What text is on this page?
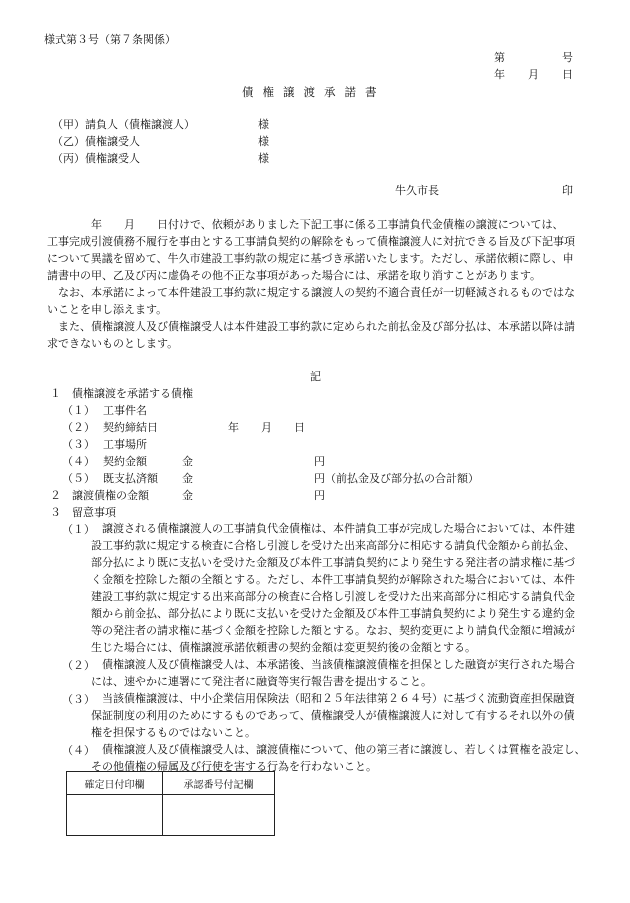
様式第３号（第７条関係）
第	号
年 月 日
債 権 譲 渡 承 諾 書
（甲）請負人（債権譲渡人）	様
（乙）債権譲受人	様
（丙）債権譲受人	様
牛久市長	印
　　　　年　　月　　日付けで、依頼がありました下記工事に係る工事請負代金債権の譲渡については、
工事完成引渡債務不履行を事由とする工事請負契約の解除をもって債権譲渡人に対抗できる旨及び下記事項
について異議を留めて、牛久市建設工事約款の規定に基づき承諾いたします。ただし、承諾依頼に際し、申
請書中の甲、乙及び丙に虚偽その他不正な事項があった場合には、承諾を取り消すことがあります。
　なお、本承諾によって本件建設工事約款に規定する譲渡人の契約不適合責任が一切軽減されるものではな
いことを申し添えます。
　また、債権譲渡人及び債権譲受人は本件建設工事約款に定められた前払金及び部分払は、本承諾以降は請
求できないものとします。
記
１　債権譲渡を承諾する債権
（１） 工事件名
（２） 契約締結日	年　　月　　日
（３） 工事場所
（４） 契約金額	金	円
（５） 既支払済額 金	円（前払金及び部分払の合計額）
２　譲渡債権の金額	金	円
３　留意事項
（１） 譲渡される債権譲渡人の工事請負代金債権は、本件請負工事が完成した場合においては、本件建
設工事約款に規定する検査に合格し引渡しを受けた出来高部分に相応する請負代金額から前払金、
部分払により既に支払いを受けた金額及び本件工事請負契約により発生する発注者の請求権に基づ
く金額を控除した額の全額とする。ただし、本件工事請負契約が解除された場合においては、本件
建設工事約款に規定する出来高部分の検査に合格し引渡しを受けた出来高部分に相応する請負代金
額から前金払、部分払により既に支払いを受けた金額及び本件工事請負契約により発生する違約金
等の発注者の請求権に基づく金額を控除した額とする。なお、契約変更により請負代金額に増減が
生じた場合には、債権譲渡承諾依頼書の契約金額は変更契約後の金額とする。
（２） 債権譲渡人及び債権譲受人は、本承諾後、当該債権譲渡債権を担保とした融資が実行された場合
には、速やかに連署にて発注者に融資等実行報告書を提出すること。
（３） 当該債権譲渡は、中小企業信用保険法（昭和２５年法律第２６４号）に基づく流動資産担保融資
保証制度の利用のためにするものであって、債権譲受人が債権譲渡人に対して有するそれ以外の債
権を担保するものではないこと。
（４） 債権譲渡人及び債権譲受人は、譲渡債権について、他の第三者に譲渡し、若しくは質権を設定し、
その他債権の帰属及び行使を害する行為を行わないこと。
確定日付印欄	承認番号付記欄
